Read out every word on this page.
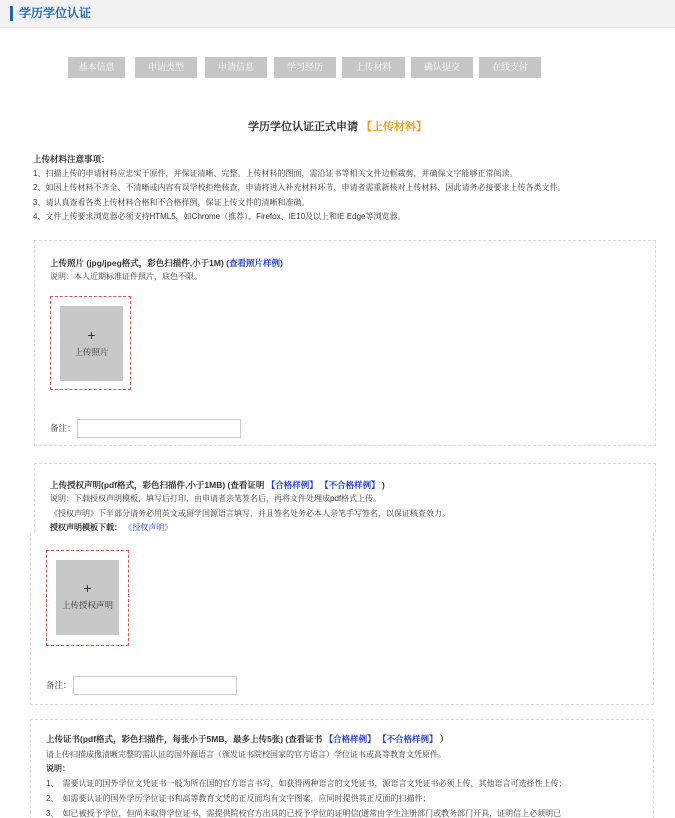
学历学位认证
基本信息	申请类型	申请信息	学习经历	上传材料	确认提交	在线支付
学历学位认证正式申请 【上传材料】
上传材料注意事项：
1、扫描上传的申请材料应忠实于原件，并保证清晰、完整。上传材料的图面，需沿证书等相关文件边框裁剪，并确保文字能够正常阅读。
2、如因上传材料不齐全、不清晰或内容有误学校拒绝核查，申请将进入补充材料环节，申请者需重新核对上传材料，因此请务必接要求上传各类文件。
3、请认真查看各类上传材料合格和不合格样例，保证上传文件的清晰和准确。
4、文件上传要求浏览器必须支持HTML5，如Chrome（推荐）、Firefox、IE10及以上和IE Edge等浏览器。
上传照片 (jpg/jpeg格式，彩色扫描件,小于1M) (查看照片样例)
说明：本人近期标准证件照片，底色不限。
+
上传照片
备注：
上传授权声明(pdf格式，彩色扫描件,小于1MB) (查看证明 【合格样例】 【不合格样例】 )
说明：下载授权声明模板，填写后打印，由申请者亲笔签名后，再将文件处理成pdf格式上传。
《授权声明》下半部分请务必用英文或留学国源语言填写，并且签名处务必本人亲笔手写签名，以保证核查效力。
授权声明模板下载： 《授权声明》
+
上传授权声明
备注：
上传证书(pdf格式，彩色扫描件，每张小于5MB，最多上传5张) (查看证书 【合格样例】 【不合格样例】 ）
请上传扫描成像清晰完整的需认证的国外源语言（颁发证书院校国家的官方语言）学位证书或高等教育文凭原件。
说明：
1、　需要认证的国外学位文凭证书一般为所在国的官方语言书写，如获得两种语言的文凭证书，源语言文凭证书必须上传，其他语言可选择性上传；
2、　如需要认证的国外学历学位证书和高等教育文凭的正反面均有文字图案，应同时提供其正反面的扫描件；
3、　如已被授予学位，但尚未取得学位证书，需提供院校官方出具的已授予学位的证明信(通常由学生注册部门或教务部门开具，证明信上必须明已
